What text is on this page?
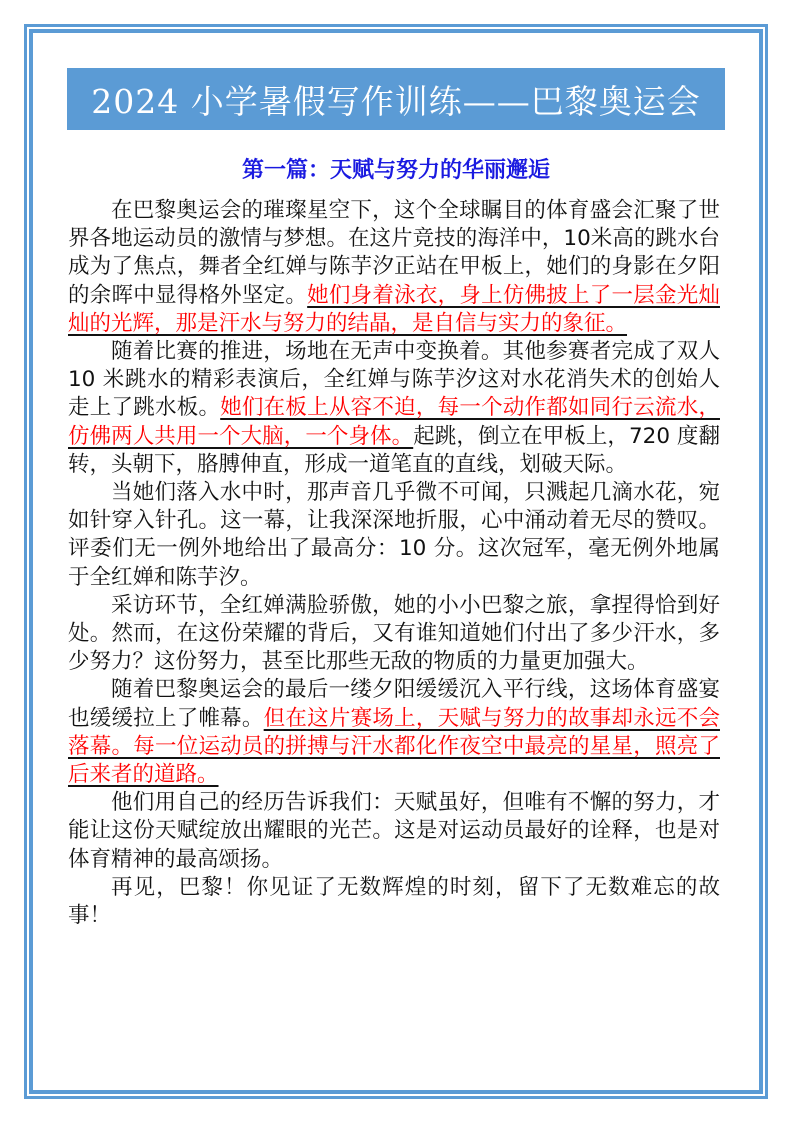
2024 小学暑假写作训练——巴黎奥运会
第一篇：天赋与努力的华丽邂逅

在巴黎奥运会的璀璨星空下，这个全球瞩目的体育盛会汇聚了世界各地运动员的激情与梦想。在这片竞技的海洋中，10米高的跳水台成为了焦点，舞者全红婵与陈芋汐正站在甲板上，她们的身影在夕阳的余晖中显得格外坚定。她们身着泳衣，身上仿佛披上了一层金光灿灿的光辉，那是汗水与努力的结晶，是自信与实力的象征。

随着比赛的推进，场地在无声中变换着。其他参赛者完成了双人 10 米跳水的精彩表演后，全红婵与陈芋汐这对水花消失术的创始人走上了跳水板。她们在板上从容不迫，每一个动作都如同行云流水，仿佛两人共用一个大脑，一个身体。起跳，倒立在甲板上，720 度翻转，头朝下，胳膊伸直，形成一道笔直的直线，划破天际。

当她们落入水中时，那声音几乎微不可闻，只溅起几滴水花，宛如针穿入针孔。这一幕，让我深深地折服，心中涌动着无尽的赞叹。评委们无一例外地给出了最高分：10 分。这次冠军，毫无例外地属于全红婵和陈芋汐。

采访环节，全红婵满脸骄傲，她的小小巴黎之旅，拿捏得恰到好处。然而，在这份荣耀的背后，又有谁知道她们付出了多少汗水，多少努力？这份努力，甚至比那些无敌的物质的力量更加强大。

随着巴黎奥运会的最后一缕夕阳缓缓沉入平行线，这场体育盛宴也缓缓拉上了帷幕。但在这片赛场上，天赋与努力的故事却永远不会落幕。每一位运动员的拼搏与汗水都化作夜空中最亮的星星，照亮了后来者的道路。

他们用自己的经历告诉我们：天赋虽好，但唯有不懈的努力，才能让这份天赋绽放出耀眼的光芒。这是对运动员最好的诠释，也是对体育精神的最高颂扬。

再见，巴黎！你见证了无数辉煌的时刻，留下了无数难忘的故事！
